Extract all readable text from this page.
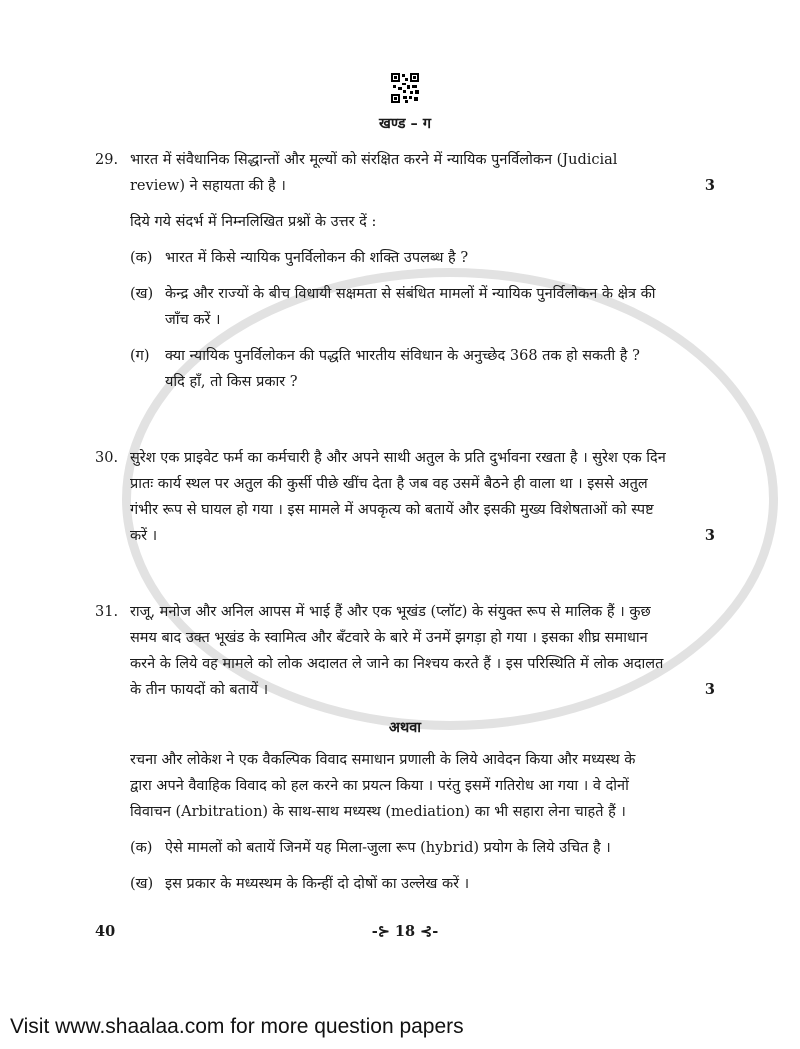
खण्ड – ग
29. भारत में संवैधानिक सिद्धान्तों और मूल्यों को संरक्षित करने में न्यायिक पुनर्विलोकन (Judicial
review) ने सहायता की है ।	3
दिये गये संदर्भ में निम्नलिखित प्रश्नों के उत्तर दें :
(क) भारत में किसे न्यायिक पुनर्विलोकन की शक्ति उपलब्ध है ?
(ख) केन्द्र और राज्यों के बीच विधायी सक्षमता से संबंधित मामलों में न्यायिक पुनर्विलोकन के क्षेत्र की
जाँच करें ।
(ग)	क्या न्यायिक पुनर्विलोकन की पद्धति भारतीय संविधान के अनुच्छेद 368 तक हो सकती है ?
यदि हाँ, तो किस प्रकार ?
30. सुरेश एक प्राइवेट फर्म का कर्मचारी है और अपने साथी अतुल के प्रति दुर्भावना रखता है । सुरेश एक दिन
प्रातः कार्य स्थल पर अतुल की कुर्सी पीछे खींच देता है जब वह उसमें बैठने ही वाला था । इससे अतुल
गंभीर रूप से घायल हो गया । इस मामले में अपकृत्य को बतायें और इसकी मुख्य विशेषताओं को स्पष्ट
करें ।	3
31. राजू, मनोज और अनिल आपस में भाई हैं और एक भूखंड (प्लॉट) के संयुक्त रूप से मालिक हैं । कुछ
समय बाद उक्त भूखंड के स्वामित्व और बँटवारे के बारे में उनमें झगड़ा हो गया । इसका शीघ्र समाधान
करने के लिये वह मामले को लोक अदालत ले जाने का निश्चय करते हैं । इस परिस्थिति में लोक अदालत
के तीन फायदों को बतायें ।	3
अथवा
रचना और लोकेश ने एक वैकल्पिक विवाद समाधान प्रणाली के लिये आवेदन किया और मध्यस्थ के
द्वारा अपने वैवाहिक विवाद को हल करने का प्रयत्न किया । परंतु इसमें गतिरोध आ गया । वे दोनों
विवाचन (Arbitration) के साथ-साथ मध्यस्थ (mediation) का भी सहारा लेना चाहते हैं ।
(क) ऐसे मामलों को बतायें जिनमें यह मिला-जुला रूप (hybrid) प्रयोग के लिये उचित है ।
(ख) इस प्रकार के मध्यस्थम के किन्हीं दो दोषों का उल्लेख करें ।
-⊱ 18 ⊰-
40
Visit www.shaalaa.com for more question papers
